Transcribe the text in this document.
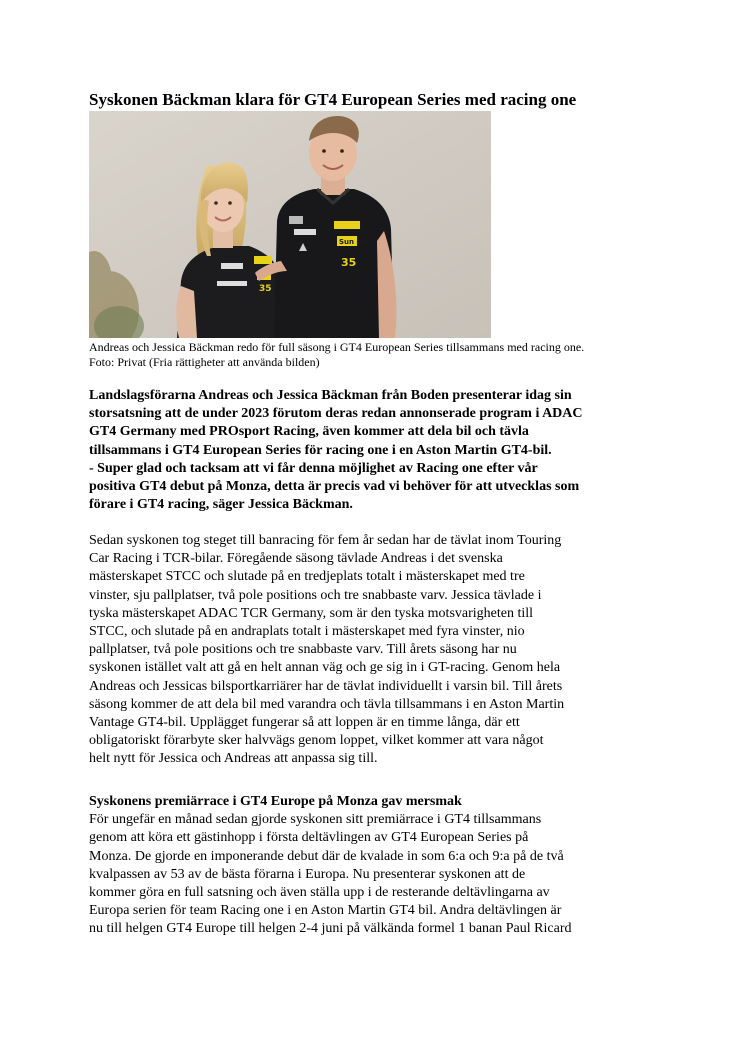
Syskonen Bäckman klara för GT4 European Series med racing one
35
Sun off
35
Andreas och Jessica Bäckman redo för full säsong i GT4 European Series tillsammans med racing one.
Foto: Privat (Fria rättigheter att använda bilden)
Landslagsförarna Andreas och Jessica Bäckman från Boden presenterar idag sin
storsatsning att de under 2023 förutom deras redan annonserade program i ADAC
GT4 Germany med PROsport Racing, även kommer att dela bil och tävla
tillsammans i GT4 European Series för racing one i en Aston Martin GT4-bil.
- Super glad och tacksam att vi får denna möjlighet av Racing one efter vår
positiva GT4 debut på Monza, detta är precis vad vi behöver för att utvecklas som
förare i GT4 racing, säger Jessica Bäckman.
Sedan syskonen tog steget till banracing för fem år sedan har de tävlat inom Touring
Car Racing i TCR-bilar. Föregående säsong tävlade Andreas i det svenska
mästerskapet STCC och slutade på en tredjeplats totalt i mästerskapet med tre
vinster, sju pallplatser, två pole positions och tre snabbaste varv. Jessica tävlade i
tyska mästerskapet ADAC TCR Germany, som är den tyska motsvarigheten till
STCC, och slutade på en andraplats totalt i mästerskapet med fyra vinster, nio
pallplatser, två pole positions och tre snabbaste varv. Till årets säsong har nu
syskonen istället valt att gå en helt annan väg och ge sig in i GT-racing. Genom hela
Andreas och Jessicas bilsportkarriärer har de tävlat individuellt i varsin bil. Till årets
säsong kommer de att dela bil med varandra och tävla tillsammans i en Aston Martin
Vantage GT4-bil. Upplägget fungerar så att loppen är en timme långa, där ett
obligatoriskt förarbyte sker halvvägs genom loppet, vilket kommer att vara något
helt nytt för Jessica och Andreas att anpassa sig till.
Syskonens premiärrace i GT4 Europe på Monza gav mersmak
För ungefär en månad sedan gjorde syskonen sitt premiärrace i GT4 tillsammans
genom att köra ett gästinhopp i första deltävlingen av GT4 European Series på
Monza. De gjorde en imponerande debut där de kvalade in som 6:a och 9:a på de två
kvalpassen av 53 av de bästa förarna i Europa. Nu presenterar syskonen att de
kommer göra en full satsning och även ställa upp i de resterande deltävlingarna av
Europa serien för team Racing one i en Aston Martin GT4 bil. Andra deltävlingen är
nu till helgen GT4 Europe till helgen 2-4 juni på välkända formel 1 banan Paul Ricard
